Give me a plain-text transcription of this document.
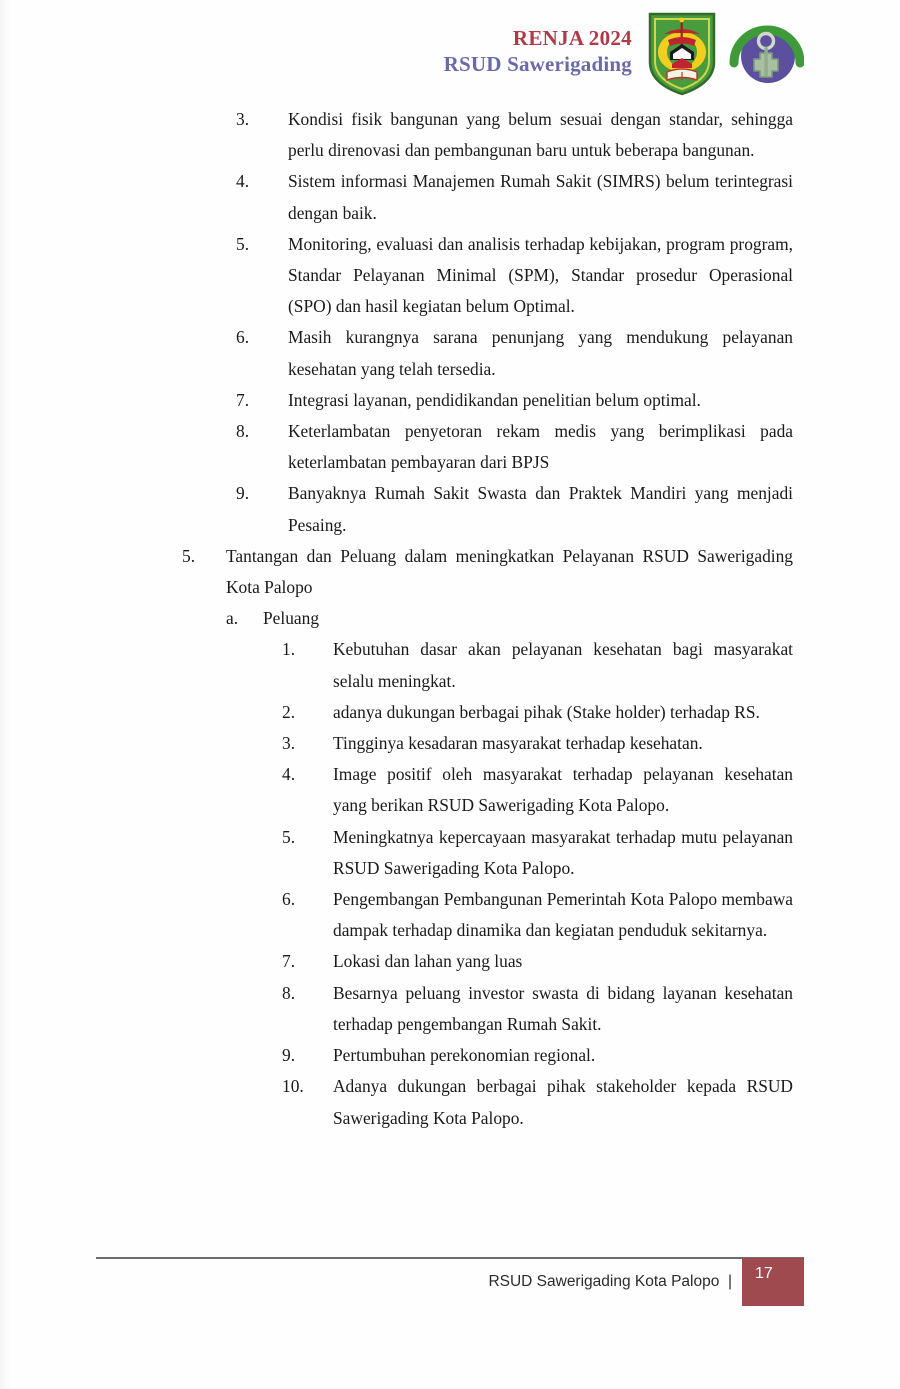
RENJA 2024
RSUD Sawerigading
3.	Kondisi fisik bangunan yang belum sesuai dengan standar, sehingga perlu direnovasi dan pembangunan baru untuk beberapa bangunan.
4.	Sistem informasi Manajemen Rumah Sakit (SIMRS) belum terintegrasi dengan baik.
5.	Monitoring, evaluasi dan analisis terhadap kebijakan, program program, Standar Pelayanan Minimal (SPM), Standar prosedur Operasional (SPO) dan hasil kegiatan belum Optimal.
6.	Masih kurangnya sarana penunjang yang mendukung pelayanan kesehatan yang telah tersedia.
7.	Integrasi layanan, pendidikandan penelitian belum optimal.
8.	Keterlambatan penyetoran rekam medis yang berimplikasi pada keterlambatan pembayaran dari BPJS
9.	Banyaknya Rumah Sakit Swasta dan Praktek Mandiri yang menjadi Pesaing.
5.	Tantangan dan Peluang dalam meningkatkan Pelayanan RSUD Sawerigading Kota Palopo
a.	Peluang
1.	Kebutuhan dasar akan pelayanan kesehatan bagi masyarakat selalu meningkat.
2.	adanya dukungan berbagai pihak (Stake holder) terhadap RS.
3.	Tingginya kesadaran masyarakat terhadap kesehatan.
4.	Image positif oleh masyarakat terhadap pelayanan kesehatan yang berikan RSUD Sawerigading Kota Palopo.
5.	Meningkatnya kepercayaan masyarakat terhadap mutu pelayanan RSUD Sawerigading Kota Palopo.
6.	Pengembangan Pembangunan Pemerintah Kota Palopo membawa dampak terhadap dinamika dan kegiatan penduduk sekitarnya.
7.	Lokasi dan lahan yang luas
8.	Besarnya peluang investor swasta di bidang layanan kesehatan terhadap pengembangan Rumah Sakit.
9.	Pertumbuhan perekonomian regional.
10.	Adanya dukungan berbagai pihak stakeholder kepada RSUD Sawerigading Kota Palopo.
RSUD Sawerigading Kota Palopo  |	17
